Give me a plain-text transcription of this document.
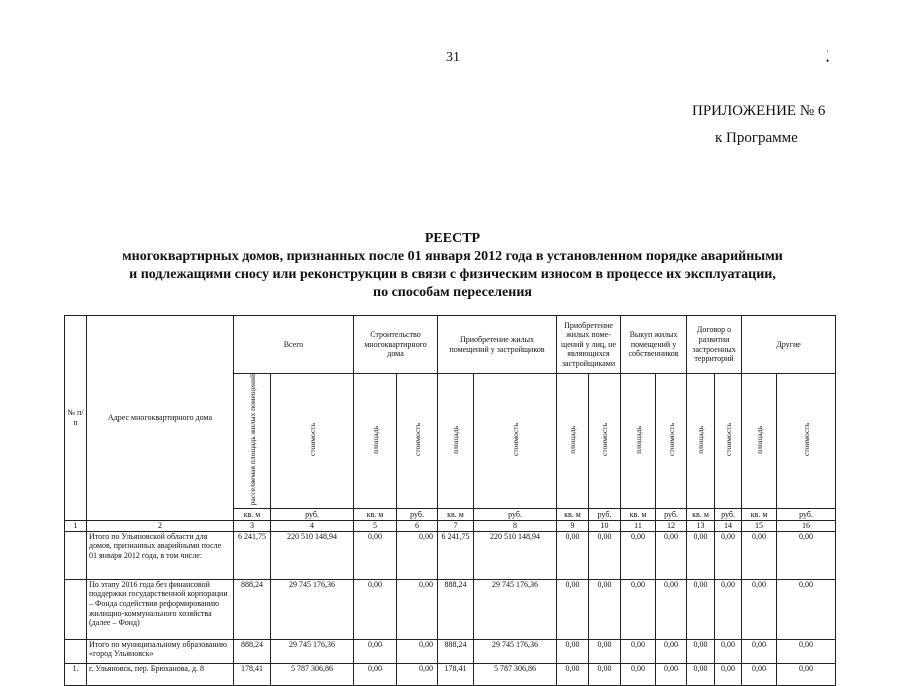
31	· •
ПРИЛОЖЕНИЕ № 6
к Программе
РЕЕСТР
многоквартирных домов, признанных после 01 января 2012 года в установленном порядке аварийными
и подлежащими сносу или реконструкции в связи с физическим износом в процессе их эксплуатации,
по способам переселения
№ п/п	Адрес многоквартирного дома	Всего		Строительство многоквартирного дома		Приобретение жилых помещений у застройщиков		Приобретение жилых поме-щений у лиц, не являющихся застройщиками		Выкуп жилых помещений у собственников		Договор о развитии застроенных территорий		Другие	
		расселяемая площадь жилых помещений	стоимость	площадь	стоимость	площадь	стоимость	площадь	стоимость	площадь	стоимость	площадь	стоимость	площадь	стоимость
		кв. м	руб.	кв. м	руб.	кв. м	руб.	кв. м	руб.	кв. м	руб.	кв. м	руб.	кв. м	руб.
1	2	3	4	5	6	7	8	9	10	11	12	13	14	15	16
	Итого по Ульяновской области для домов, признанных аварийными после 01 января 2012 года, в том числе:	6 241,75	220 510 148,94	0,00	0,00	6 241,75	220 510 148,94	0,00	0,00	0,00	0,00	0,00	0,00	0,00	0,00
	По этапу 2016 года без финансовой поддержки государственной корпорации – Фонда содействия реформированию жилищно-коммунального хозяйства (далее – Фонд)	888,24	29 745 176,36	0,00	0,00	888,24	29 745 176,36	0,00	0,00	0,00	0,00	0,00	0,00	0,00	0,00
	Итого по муниципальному образованию «город Ульяновск»	888,24	29 745 176,36	0,00	0,00	888,24	29 745 176,36	0,00	0,00	0,00	0,00	0,00	0,00	0,00	0,00
1.	г. Ульяновск, пер. Брюханова, д. 8	178,41	5 787 306,86	0,00	0,00	178,41	5 787 306,86	0,00	0,00	0,00	0,00	0,00	0,00	0,00	0,00
